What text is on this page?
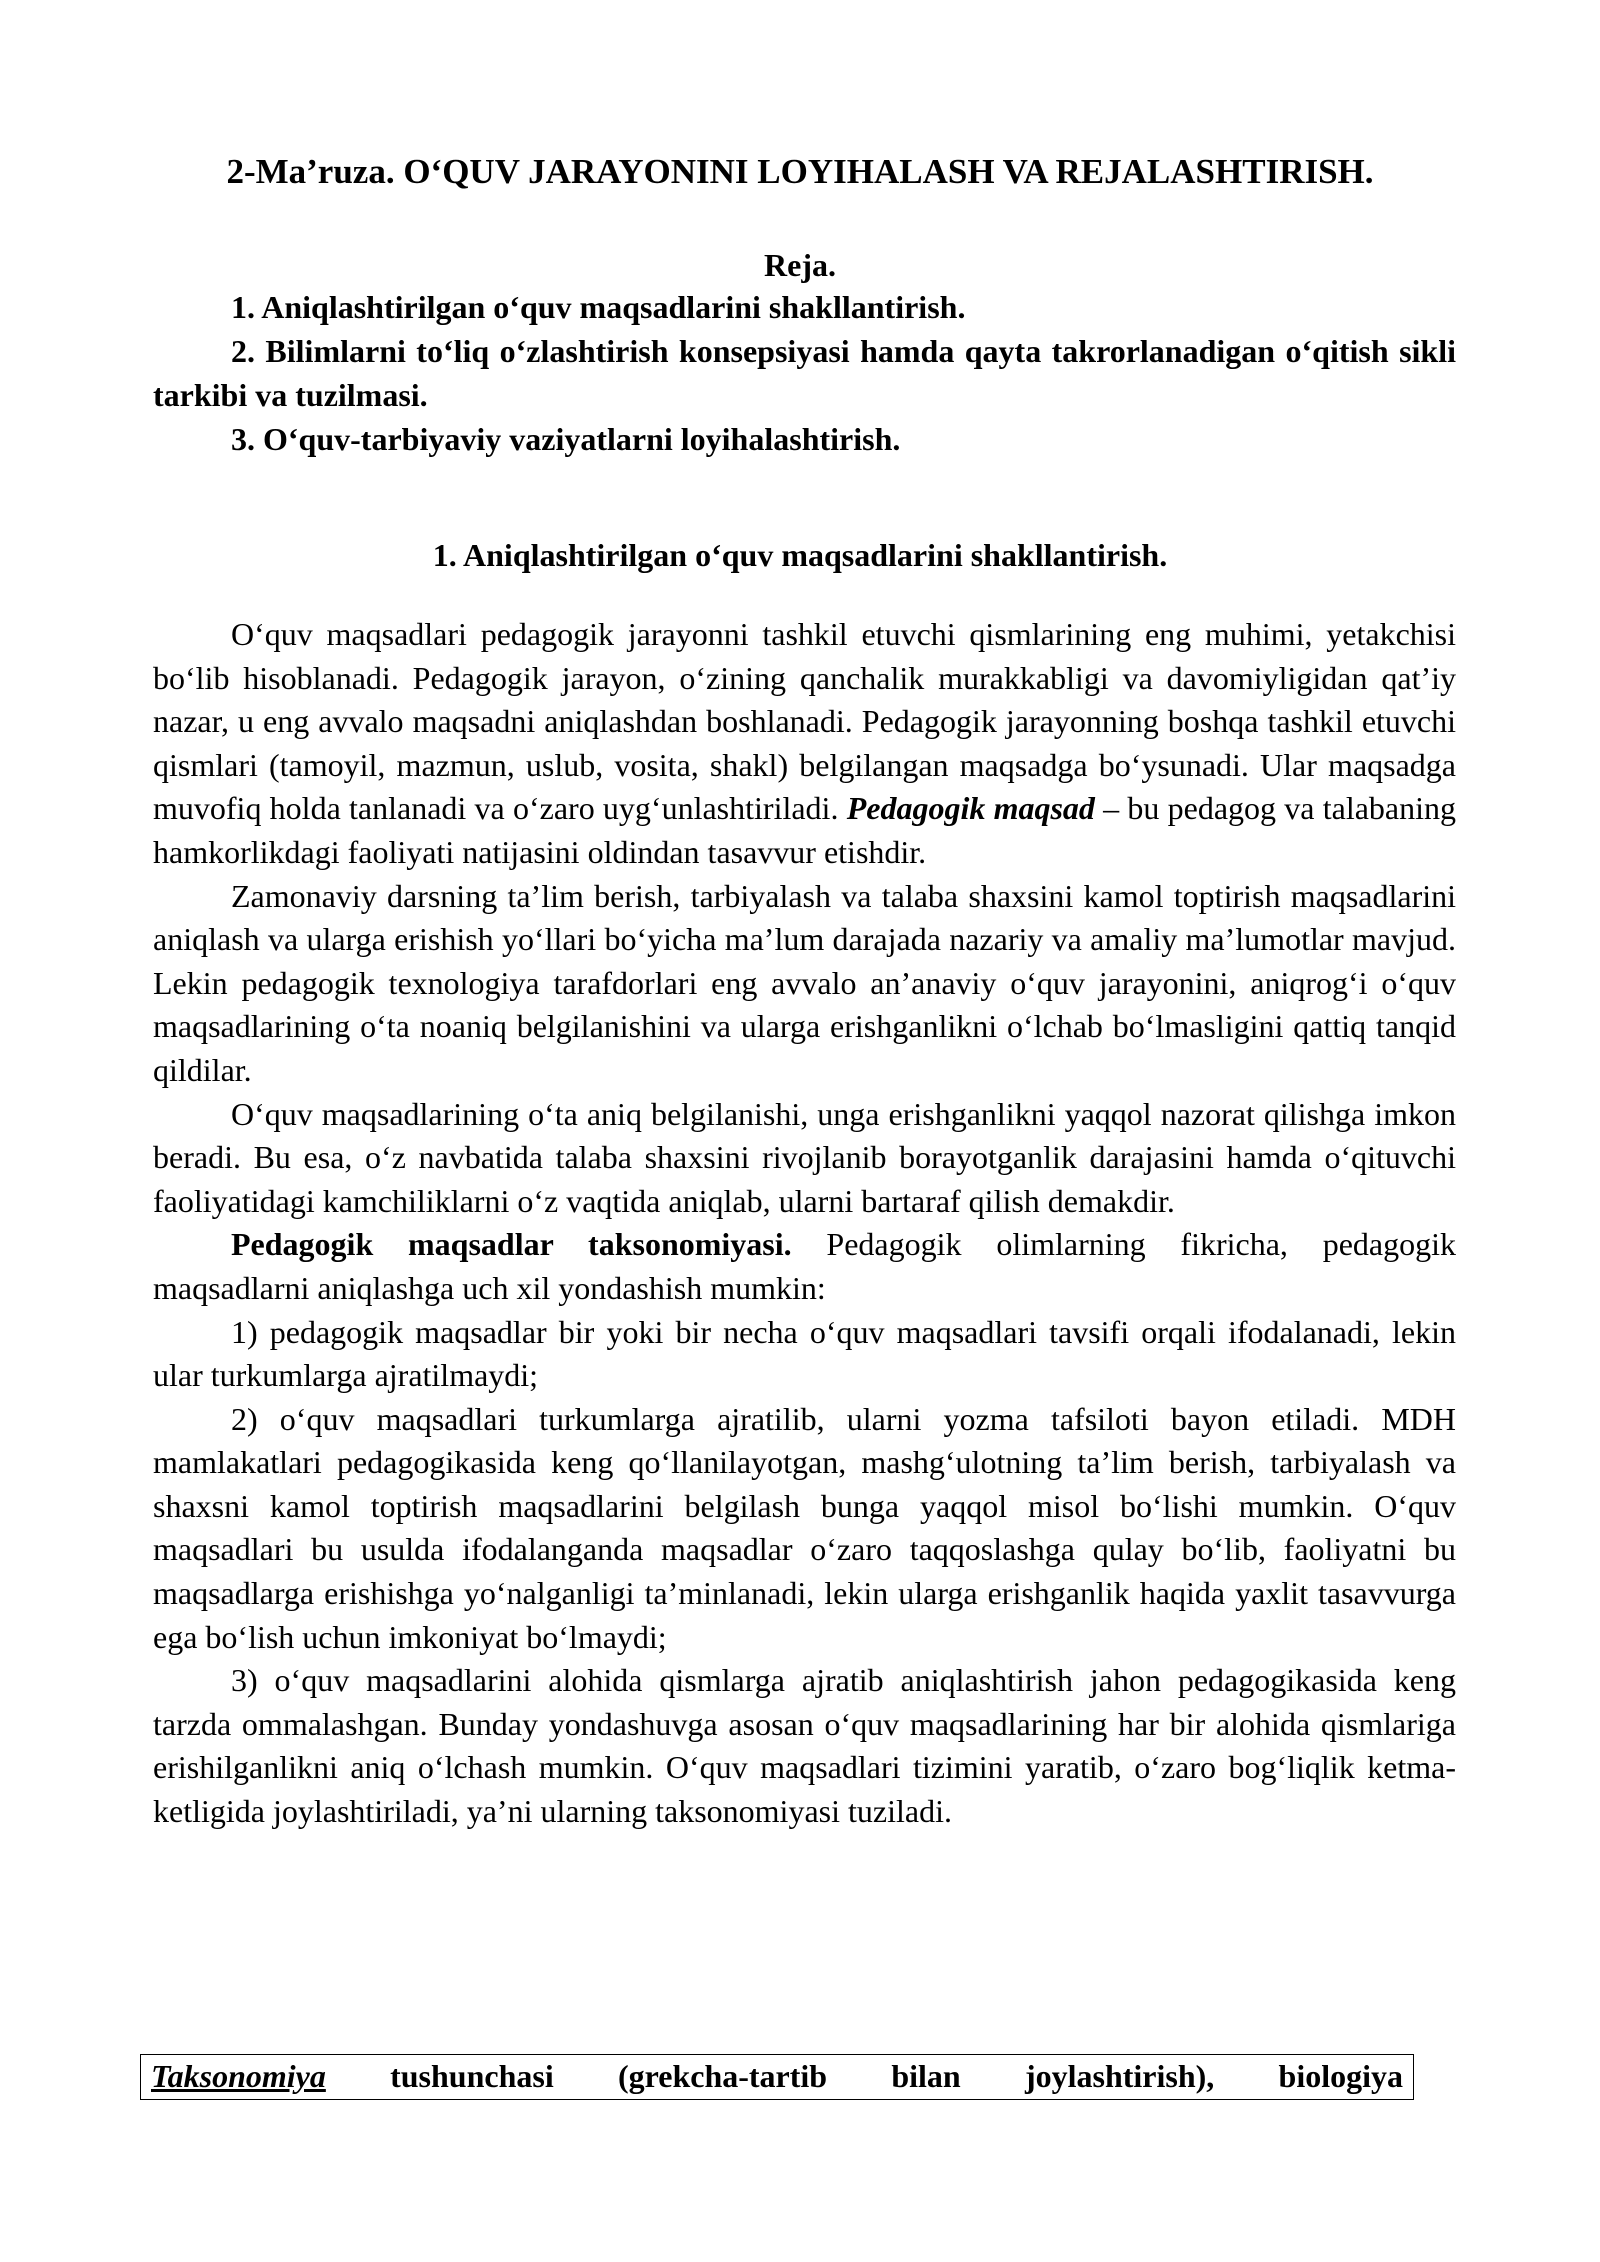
2-Ma’ruza. O‘QUV JARAYONINI LOYIHALASH VA REJALASHTIRISH.
Reja.
1. Aniqlashtirilgan o‘quv maqsadlarini shakllantirish.
2. Bilimlarni to‘liq o‘zlashtirish konsepsiyasi hamda qayta takrorlanadigan o‘qitish sikli tarkibi va tuzilmasi.
3. O‘quv-tarbiyaviy vaziyatlarni loyihalashtirish.
1. Aniqlashtirilgan o‘quv maqsadlarini shakllantirish.

O‘quv maqsadlari pedagogik jarayonni tashkil etuvchi qismlarining eng muhimi, yetakchisi bo‘lib hisoblanadi. Pedagogik jarayon, o‘zining qanchalik murakkabligi va davomiyligidan qat’iy nazar, u eng avvalo maqsadni aniqlashdan boshlanadi. Pedagogik jarayonning boshqa tashkil etuvchi qismlari (tamoyil, mazmun, uslub, vosita, shakl) belgilangan maqsadga bo‘ysunadi. Ular maqsadga muvofiq holda tanlanadi va o‘zaro uyg‘unlashtiriladi. Pedagogik maqsad – bu pedagog va talabaning hamkorlikdagi faoliyati natijasini oldindan tasavvur etishdir.

Zamonaviy darsning ta’lim berish, tarbiyalash va talaba shaxsini kamol toptirish maqsadlarini aniqlash va ularga erishish yo‘llari bo‘yicha ma’lum darajada nazariy va amaliy ma’lumotlar mavjud. Lekin pedagogik texnologiya tarafdorlari eng avvalo an’anaviy o‘quv jarayonini, aniqrog‘i o‘quv maqsadlarining o‘ta noaniq belgilanishini va ularga erishganlikni o‘lchab bo‘lmasligini qattiq tanqid qildilar.

O‘quv maqsadlarining o‘ta aniq belgilanishi, unga erishganlikni yaqqol nazorat qilishga imkon beradi. Bu esa, o‘z navbatida talaba shaxsini rivojlanib borayotganlik darajasini hamda o‘qituvchi faoliyatidagi kamchiliklarni o‘z vaqtida aniqlab, ularni bartaraf qilish demakdir.

Pedagogik maqsadlar taksonomiyasi. Pedagogik olimlarning fikricha, pedagogik maqsadlarni aniqlashga uch xil yondashish mumkin:

1) pedagogik maqsadlar bir yoki bir necha o‘quv maqsadlari tavsifi orqali ifodalanadi, lekin ular turkumlarga ajratilmaydi;

2) o‘quv maqsadlari turkumlarga ajratilib, ularni yozma tafsiloti bayon etiladi. MDH mamlakatlari pedagogikasida keng qo‘llanilayotgan, mashg‘ulotning ta’lim berish, tarbiyalash va shaxsni kamol toptirish maqsadlarini belgilash bunga yaqqol misol bo‘lishi mumkin. O‘quv maqsadlari bu usulda ifodalanganda maqsadlar o‘zaro taqqoslashga qulay bo‘lib, faoliyatni bu maqsadlarga erishishga yo‘nalganligi ta’minlanadi, lekin ularga erishganlik haqida yaxlit tasavvurga ega bo‘lish uchun imkoniyat bo‘lmaydi;

3) o‘quv maqsadlarini alohida qismlarga ajratib aniqlashtirish jahon pedagogikasida keng tarzda ommalashgan. Bunday yondashuvga asosan o‘quv maqsadlarining har bir alohida qismlariga erishilganlikni aniq o‘lchash mumkin. O‘quv maqsadlari tizimini yaratib, o‘zaro bog‘liqlik ketma-ketligida joylashtiriladi, ya’ni ularning taksonomiyasi tuziladi.

Taksonomiya tushunchasi (grekcha-tartib bilan joylashtirish), biologiya
